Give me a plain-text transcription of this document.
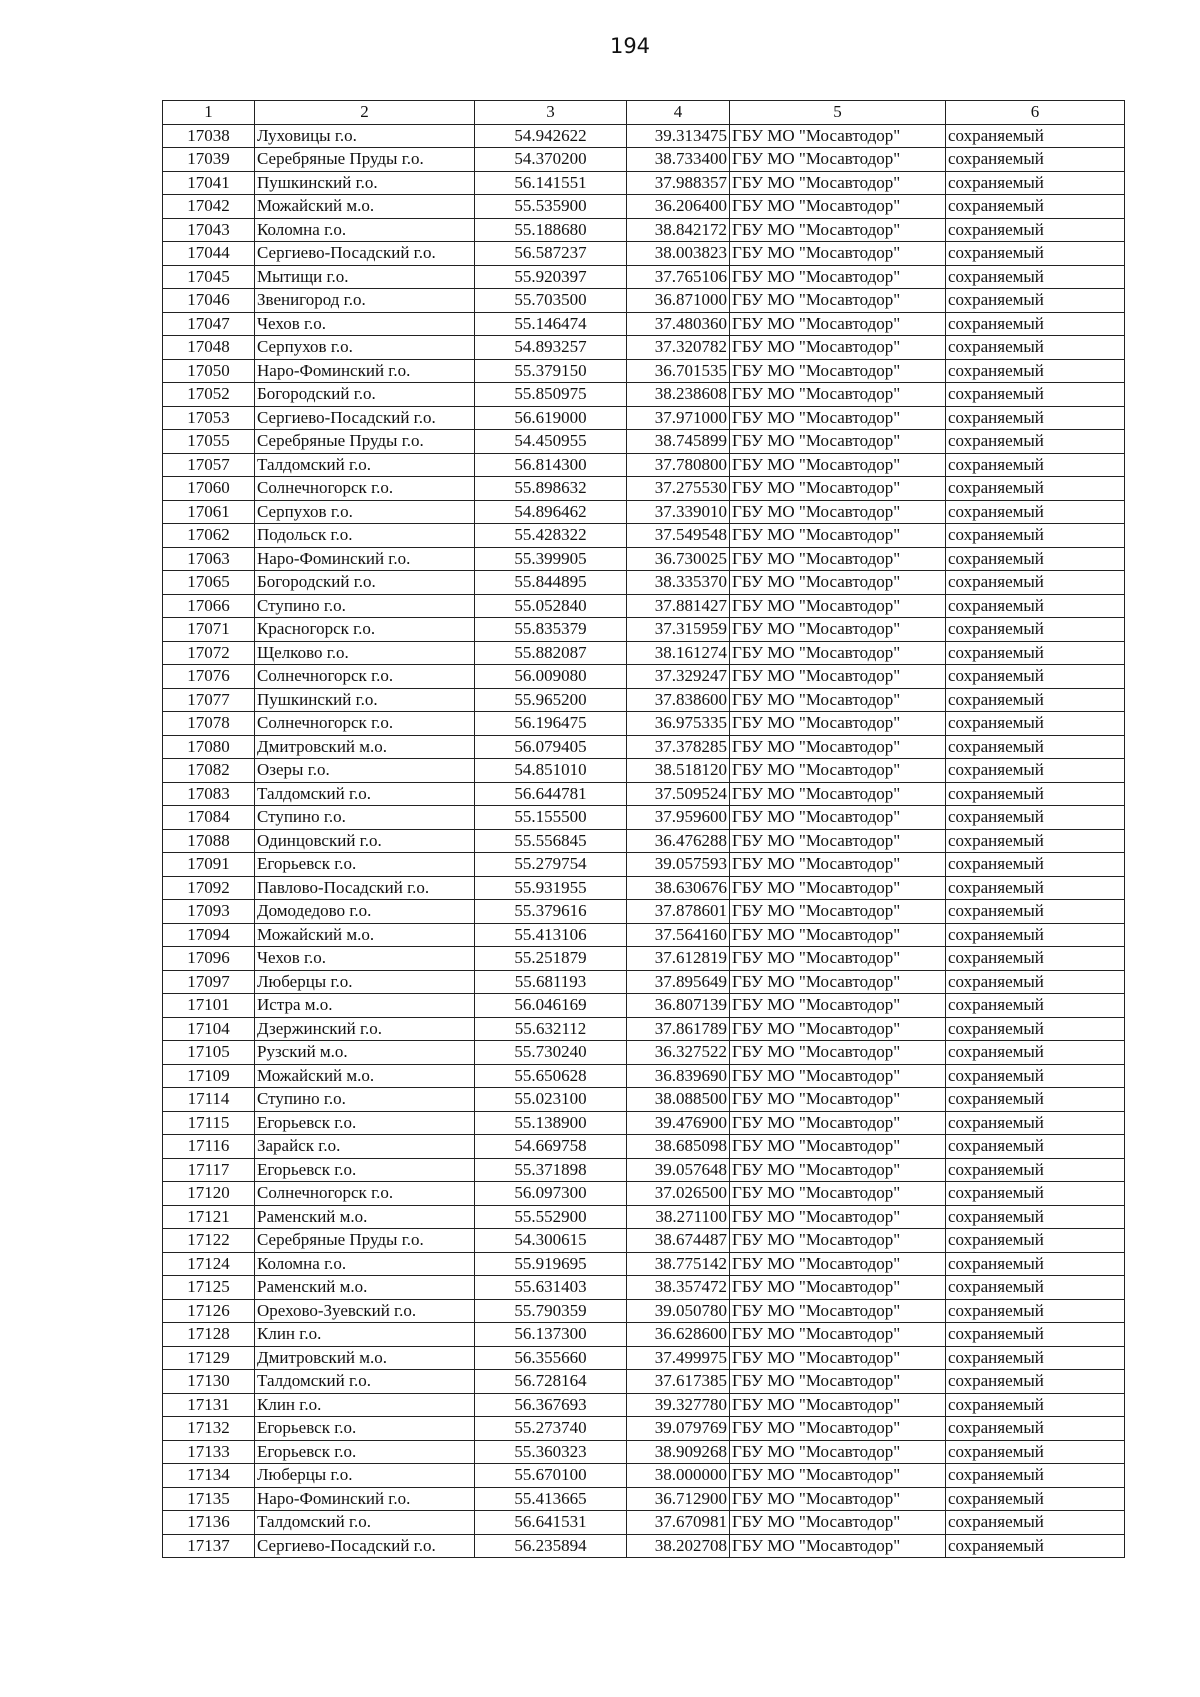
194
1	2	3	4	5	6
17038	Луховицы г.о.	54.942622	39.313475	ГБУ МО "Мосавтодор"	сохраняемый
17039	Серебряные Пруды г.о.	54.370200	38.733400	ГБУ МО "Мосавтодор"	сохраняемый
17041	Пушкинский г.о.	56.141551	37.988357	ГБУ МО "Мосавтодор"	сохраняемый
17042	Можайский м.о.	55.535900	36.206400	ГБУ МО "Мосавтодор"	сохраняемый
17043	Коломна г.о.	55.188680	38.842172	ГБУ МО "Мосавтодор"	сохраняемый
17044	Сергиево-Посадский г.о.	56.587237	38.003823	ГБУ МО "Мосавтодор"	сохраняемый
17045	Мытищи г.о.	55.920397	37.765106	ГБУ МО "Мосавтодор"	сохраняемый
17046	Звенигород г.о.	55.703500	36.871000	ГБУ МО "Мосавтодор"	сохраняемый
17047	Чехов г.о.	55.146474	37.480360	ГБУ МО "Мосавтодор"	сохраняемый
17048	Серпухов г.о.	54.893257	37.320782	ГБУ МО "Мосавтодор"	сохраняемый
17050	Наро-Фоминский г.о.	55.379150	36.701535	ГБУ МО "Мосавтодор"	сохраняемый
17052	Богородский г.о.	55.850975	38.238608	ГБУ МО "Мосавтодор"	сохраняемый
17053	Сергиево-Посадский г.о.	56.619000	37.971000	ГБУ МО "Мосавтодор"	сохраняемый
17055	Серебряные Пруды г.о.	54.450955	38.745899	ГБУ МО "Мосавтодор"	сохраняемый
17057	Талдомский г.о.	56.814300	37.780800	ГБУ МО "Мосавтодор"	сохраняемый
17060	Солнечногорск г.о.	55.898632	37.275530	ГБУ МО "Мосавтодор"	сохраняемый
17061	Серпухов г.о.	54.896462	37.339010	ГБУ МО "Мосавтодор"	сохраняемый
17062	Подольск г.о.	55.428322	37.549548	ГБУ МО "Мосавтодор"	сохраняемый
17063	Наро-Фоминский г.о.	55.399905	36.730025	ГБУ МО "Мосавтодор"	сохраняемый
17065	Богородский г.о.	55.844895	38.335370	ГБУ МО "Мосавтодор"	сохраняемый
17066	Ступино г.о.	55.052840	37.881427	ГБУ МО "Мосавтодор"	сохраняемый
17071	Красногорск г.о.	55.835379	37.315959	ГБУ МО "Мосавтодор"	сохраняемый
17072	Щелково г.о.	55.882087	38.161274	ГБУ МО "Мосавтодор"	сохраняемый
17076	Солнечногорск г.о.	56.009080	37.329247	ГБУ МО "Мосавтодор"	сохраняемый
17077	Пушкинский г.о.	55.965200	37.838600	ГБУ МО "Мосавтодор"	сохраняемый
17078	Солнечногорск г.о.	56.196475	36.975335	ГБУ МО "Мосавтодор"	сохраняемый
17080	Дмитровский м.о.	56.079405	37.378285	ГБУ МО "Мосавтодор"	сохраняемый
17082	Озеры г.о.	54.851010	38.518120	ГБУ МО "Мосавтодор"	сохраняемый
17083	Талдомский г.о.	56.644781	37.509524	ГБУ МО "Мосавтодор"	сохраняемый
17084	Ступино г.о.	55.155500	37.959600	ГБУ МО "Мосавтодор"	сохраняемый
17088	Одинцовский г.о.	55.556845	36.476288	ГБУ МО "Мосавтодор"	сохраняемый
17091	Егорьевск г.о.	55.279754	39.057593	ГБУ МО "Мосавтодор"	сохраняемый
17092	Павлово-Посадский г.о.	55.931955	38.630676	ГБУ МО "Мосавтодор"	сохраняемый
17093	Домодедово г.о.	55.379616	37.878601	ГБУ МО "Мосавтодор"	сохраняемый
17094	Можайский м.о.	55.413106	37.564160	ГБУ МО "Мосавтодор"	сохраняемый
17096	Чехов г.о.	55.251879	37.612819	ГБУ МО "Мосавтодор"	сохраняемый
17097	Люберцы г.о.	55.681193	37.895649	ГБУ МО "Мосавтодор"	сохраняемый
17101	Истра м.о.	56.046169	36.807139	ГБУ МО "Мосавтодор"	сохраняемый
17104	Дзержинский г.о.	55.632112	37.861789	ГБУ МО "Мосавтодор"	сохраняемый
17105	Рузский м.о.	55.730240	36.327522	ГБУ МО "Мосавтодор"	сохраняемый
17109	Можайский м.о.	55.650628	36.839690	ГБУ МО "Мосавтодор"	сохраняемый
17114	Ступино г.о.	55.023100	38.088500	ГБУ МО "Мосавтодор"	сохраняемый
17115	Егорьевск г.о.	55.138900	39.476900	ГБУ МО "Мосавтодор"	сохраняемый
17116	Зарайск г.о.	54.669758	38.685098	ГБУ МО "Мосавтодор"	сохраняемый
17117	Егорьевск г.о.	55.371898	39.057648	ГБУ МО "Мосавтодор"	сохраняемый
17120	Солнечногорск г.о.	56.097300	37.026500	ГБУ МО "Мосавтодор"	сохраняемый
17121	Раменский м.о.	55.552900	38.271100	ГБУ МО "Мосавтодор"	сохраняемый
17122	Серебряные Пруды г.о.	54.300615	38.674487	ГБУ МО "Мосавтодор"	сохраняемый
17124	Коломна г.о.	55.919695	38.775142	ГБУ МО "Мосавтодор"	сохраняемый
17125	Раменский м.о.	55.631403	38.357472	ГБУ МО "Мосавтодор"	сохраняемый
17126	Орехово-Зуевский г.о.	55.790359	39.050780	ГБУ МО "Мосавтодор"	сохраняемый
17128	Клин г.о.	56.137300	36.628600	ГБУ МО "Мосавтодор"	сохраняемый
17129	Дмитровский м.о.	56.355660	37.499975	ГБУ МО "Мосавтодор"	сохраняемый
17130	Талдомский г.о.	56.728164	37.617385	ГБУ МО "Мосавтодор"	сохраняемый
17131	Клин г.о.	56.367693	39.327780	ГБУ МО "Мосавтодор"	сохраняемый
17132	Егорьевск г.о.	55.273740	39.079769	ГБУ МО "Мосавтодор"	сохраняемый
17133	Егорьевск г.о.	55.360323	38.909268	ГБУ МО "Мосавтодор"	сохраняемый
17134	Люберцы г.о.	55.670100	38.000000	ГБУ МО "Мосавтодор"	сохраняемый
17135	Наро-Фоминский г.о.	55.413665	36.712900	ГБУ МО "Мосавтодор"	сохраняемый
17136	Талдомский г.о.	56.641531	37.670981	ГБУ МО "Мосавтодор"	сохраняемый
17137	Сергиево-Посадский г.о.	56.235894	38.202708	ГБУ МО "Мосавтодор"	сохраняемый
